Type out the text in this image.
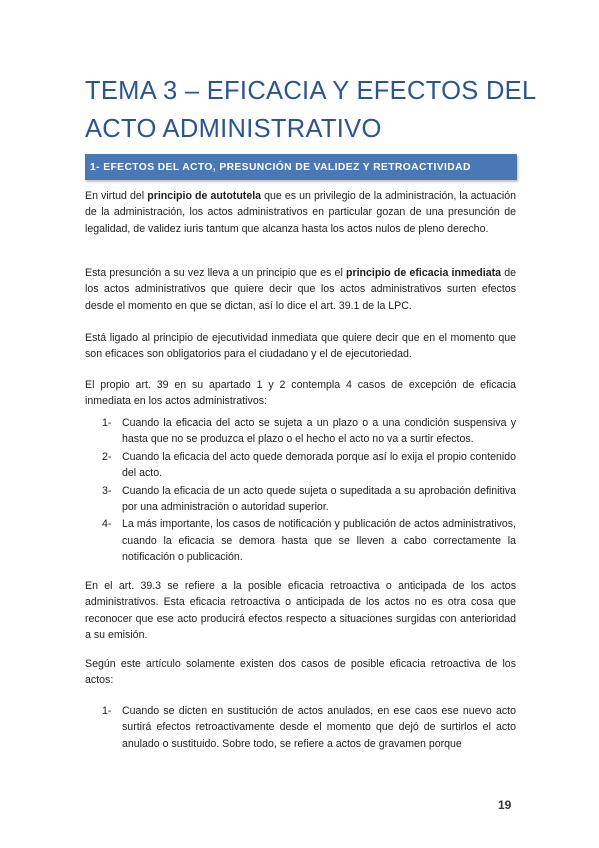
TEMA 3 – EFICACIA Y EFECTOS DEL
ACTO ADMINISTRATIVO
1- EFECTOS DEL ACTO, PRESUNCIÓN DE VALIDEZ Y RETROACTIVIDAD
En virtud del principio de autotutela que es un privilegio de la administración, la actuación de la administración, los actos administrativos en particular gozan de una presunción de legalidad, de validez iuris tantum que alcanza hasta los actos nulos de pleno derecho.
Esta presunción a su vez lleva a un principio que es el principio de eficacia inmediata de los actos administrativos que quiere decir que los actos administrativos surten efectos desde el momento en que se dictan, así lo dice el art. 39.1 de la LPC.
Está ligado al principio de ejecutividad inmediata que quiere decir que en el momento que son eficaces son obligatorios para el ciudadano y el de ejecutoriedad.
El propio art. 39 en su apartado 1 y 2 contempla 4 casos de excepción de eficacia inmediata en los actos administrativos:
1- Cuando la eficacia del acto se sujeta a un plazo o a una condición suspensiva y hasta que no se produzca el plazo o el hecho el acto no va a surtir efectos.
2- Cuando la eficacia del acto quede demorada porque así lo exija el propio contenido del acto.
3- Cuando la eficacia de un acto quede sujeta o supeditada a su aprobación definitiva por una administración o autoridad superior.
4- La más importante, los casos de notificación y publicación de actos administrativos, cuando la eficacia se demora hasta que se lleven a cabo correctamente la notificación o publicación.
En el art. 39.3 se refiere a la posible eficacia retroactiva o anticipada de los actos administrativos. Esta eficacia retroactiva o anticipada de los actos no es otra cosa que reconocer que ese acto producirá efectos respecto a situaciones surgidas con anterioridad a su emisión.
Según este artículo solamente existen dos casos de posible eficacia retroactiva de los actos:
1- Cuando se dicten en sustitución de actos anulados, en ese caos ese nuevo acto surtirá efectos retroactivamente desde el momento que dejó de surtirlos el acto anulado o sustituido. Sobre todo, se refiere a actos de gravamen porque
19
